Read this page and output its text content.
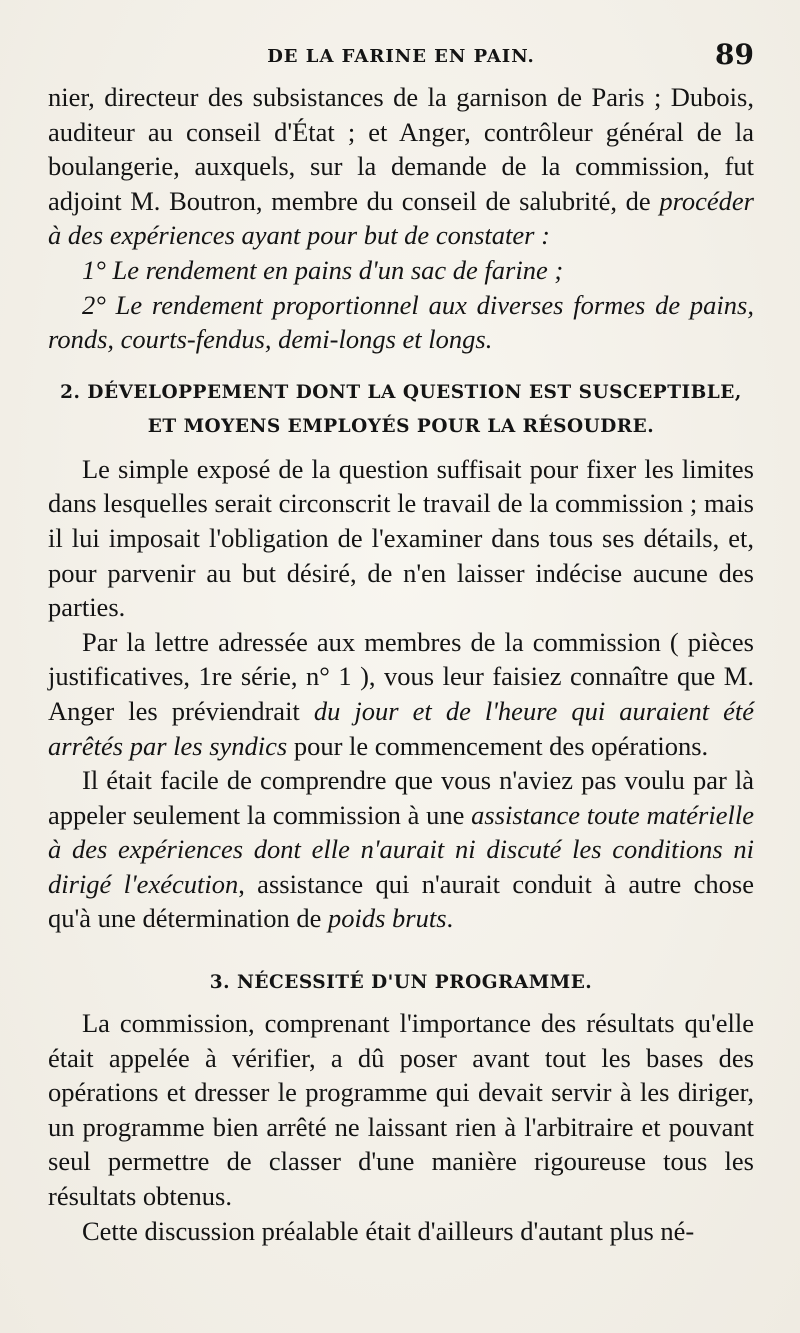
DE LA FARINE EN PAIN.	89

nier, directeur des subsistances de la garnison de Paris ; Dubois, auditeur au conseil d'État ; et Anger, contrôleur général de la boulangerie, auxquels, sur la demande de la commission, fut adjoint M. Boutron, membre du conseil de salubrité, de procéder à des expériences ayant pour but de constater :

1° Le rendement en pains d'un sac de farine ;

2° Le rendement proportionnel aux diverses formes de pains, ronds, courts-fendus, demi-longs et longs.

2. DÉVELOPPEMENT DONT LA QUESTION EST SUSCEPTIBLE,
ET MOYENS EMPLOYÉS POUR LA RÉSOUDRE.

Le simple exposé de la question suffisait pour fixer les limites dans lesquelles serait circonscrit le travail de la commission ; mais il lui imposait l'obligation de l'examiner dans tous ses détails, et, pour parvenir au but désiré, de n'en laisser indécise aucune des parties.

Par la lettre adressée aux membres de la commission ( pièces justificatives, 1re série, n° 1 ), vous leur faisiez connaître que M. Anger les préviendrait du jour et de l'heure qui auraient été arrêtés par les syndics pour le commencement des opérations.

Il était facile de comprendre que vous n'aviez pas voulu par là appeler seulement la commission à une assistance toute matérielle à des expériences dont elle n'aurait ni discuté les conditions ni dirigé l'exécution, assistance qui n'aurait conduit à autre chose qu'à une détermination de poids bruts.

3. NÉCESSITÉ D'UN PROGRAMME.

La commission, comprenant l'importance des résultats qu'elle était appelée à vérifier, a dû poser avant tout les bases des opérations et dresser le programme qui devait servir à les diriger, un programme bien arrêté ne laissant rien à l'arbitraire et pouvant seul permettre de classer d'une manière rigoureuse tous les résultats obtenus.

Cette discussion préalable était d'ailleurs d'autant plus né-
